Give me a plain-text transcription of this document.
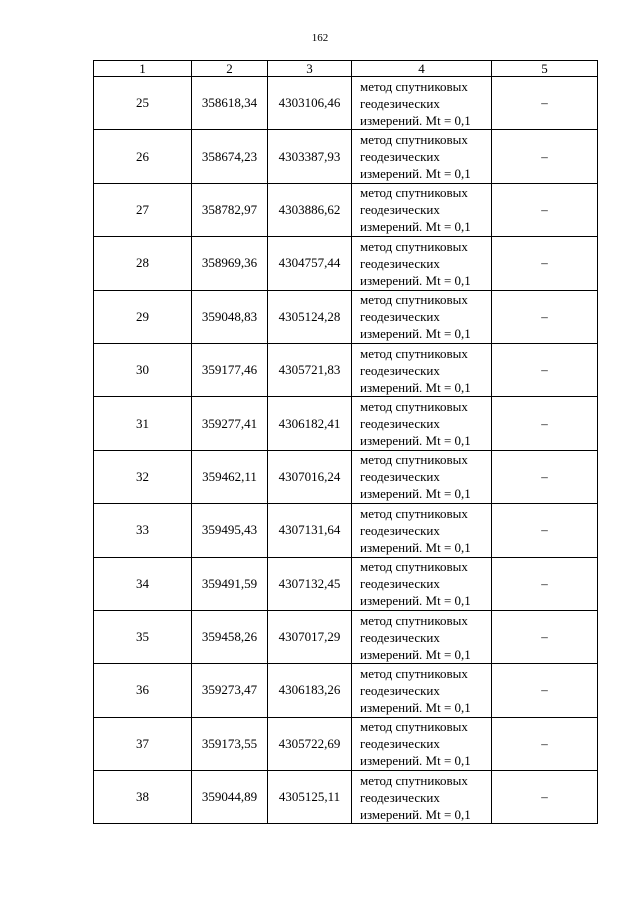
162
1	2	3	4	5
25	358618,34	4303106,46	метод спутниковых
геодезических
измерений. Mt = 0,1	–
26	358674,23	4303387,93	метод спутниковых
геодезических
измерений. Mt = 0,1	–
27	358782,97	4303886,62	метод спутниковых
геодезических
измерений. Mt = 0,1	–
28	358969,36	4304757,44	метод спутниковых
геодезических
измерений. Mt = 0,1	–
29	359048,83	4305124,28	метод спутниковых
геодезических
измерений. Mt = 0,1	–
30	359177,46	4305721,83	метод спутниковых
геодезических
измерений. Mt = 0,1	–
31	359277,41	4306182,41	метод спутниковых
геодезических
измерений. Mt = 0,1	–
32	359462,11	4307016,24	метод спутниковых
геодезических
измерений. Mt = 0,1	–
33	359495,43	4307131,64	метод спутниковых
геодезических
измерений. Mt = 0,1	–
34	359491,59	4307132,45	метод спутниковых
геодезических
измерений. Mt = 0,1	–
35	359458,26	4307017,29	метод спутниковых
геодезических
измерений. Mt = 0,1	–
36	359273,47	4306183,26	метод спутниковых
геодезических
измерений. Mt = 0,1	–
37	359173,55	4305722,69	метод спутниковых
геодезических
измерений. Mt = 0,1	–
38	359044,89	4305125,11	метод спутниковых
геодезических
измерений. Mt = 0,1	–
